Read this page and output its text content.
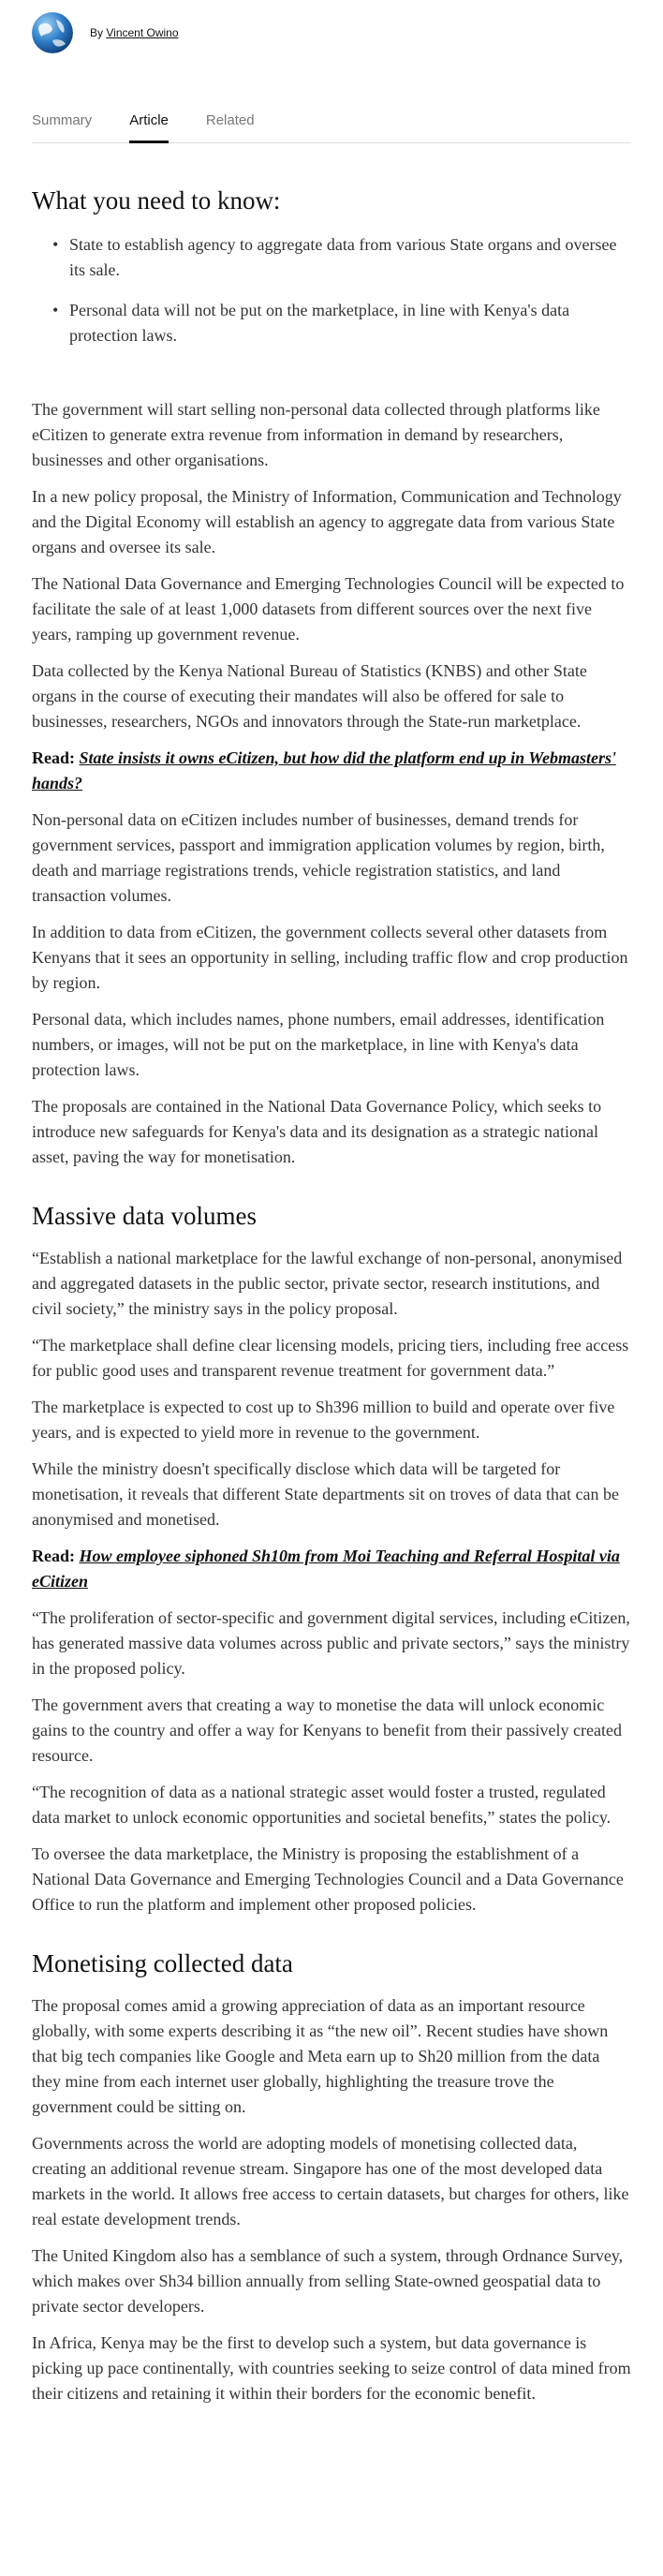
By Vincent Owino
Summary	Article	Related
What you need to know:
• State to establish agency to aggregate data from various State organs and oversee its sale.
• Personal data will not be put on the marketplace, in line with Kenya's data protection laws.

The government will start selling non-personal data collected through platforms like eCitizen to generate extra revenue from information in demand by researchers, businesses and other organisations.

In a new policy proposal, the Ministry of Information, Communication and Technology and the Digital Economy will establish an agency to aggregate data from various State organs and oversee its sale.

The National Data Governance and Emerging Technologies Council will be expected to facilitate the sale of at least 1,000 datasets from different sources over the next five years, ramping up government revenue.

Data collected by the Kenya National Bureau of Statistics (KNBS) and other State organs in the course of executing their mandates will also be offered for sale to businesses, researchers, NGOs and innovators through the State-run marketplace.

Read: State insists it owns eCitizen, but how did the platform end up in Webmasters' hands?

Non-personal data on eCitizen includes number of businesses, demand trends for government services, passport and immigration application volumes by region, birth, death and marriage registrations trends, vehicle registration statistics, and land transaction volumes.

In addition to data from eCitizen, the government collects several other datasets from Kenyans that it sees an opportunity in selling, including traffic flow and crop production by region.

Personal data, which includes names, phone numbers, email addresses, identification numbers, or images, will not be put on the marketplace, in line with Kenya's data protection laws.

The proposals are contained in the National Data Governance Policy, which seeks to introduce new safeguards for Kenya's data and its designation as a strategic national asset, paving the way for monetisation.

Massive data volumes

“Establish a national marketplace for the lawful exchange of non-personal, anonymised and aggregated datasets in the public sector, private sector, research institutions, and civil society,” the ministry says in the policy proposal.

“The marketplace shall define clear licensing models, pricing tiers, including free access for public good uses and transparent revenue treatment for government data.”

The marketplace is expected to cost up to Sh396 million to build and operate over five years, and is expected to yield more in revenue to the government.

While the ministry doesn't specifically disclose which data will be targeted for monetisation, it reveals that different State departments sit on troves of data that can be anonymised and monetised.

Read: How employee siphoned Sh10m from Moi Teaching and Referral Hospital via eCitizen

“The proliferation of sector-specific and government digital services, including eCitizen, has generated massive data volumes across public and private sectors,” says the ministry in the proposed policy.

The government avers that creating a way to monetise the data will unlock economic gains to the country and offer a way for Kenyans to benefit from their passively created resource.

“The recognition of data as a national strategic asset would foster a trusted, regulated data market to unlock economic opportunities and societal benefits,” states the policy.

To oversee the data marketplace, the Ministry is proposing the establishment of a National Data Governance and Emerging Technologies Council and a Data Governance Office to run the platform and implement other proposed policies.

Monetising collected data

The proposal comes amid a growing appreciation of data as an important resource globally, with some experts describing it as “the new oil”. Recent studies have shown that big tech companies like Google and Meta earn up to Sh20 million from the data they mine from each internet user globally, highlighting the treasure trove the government could be sitting on.

Governments across the world are adopting models of monetising collected data, creating an additional revenue stream. Singapore has one of the most developed data markets in the world. It allows free access to certain datasets, but charges for others, like real estate development trends.

The United Kingdom also has a semblance of such a system, through Ordnance Survey, which makes over Sh34 billion annually from selling State-owned geospatial data to private sector developers.

In Africa, Kenya may be the first to develop such a system, but data governance is picking up pace continentally, with countries seeking to seize control of data mined from their citizens and retaining it within their borders for the economic benefit.
